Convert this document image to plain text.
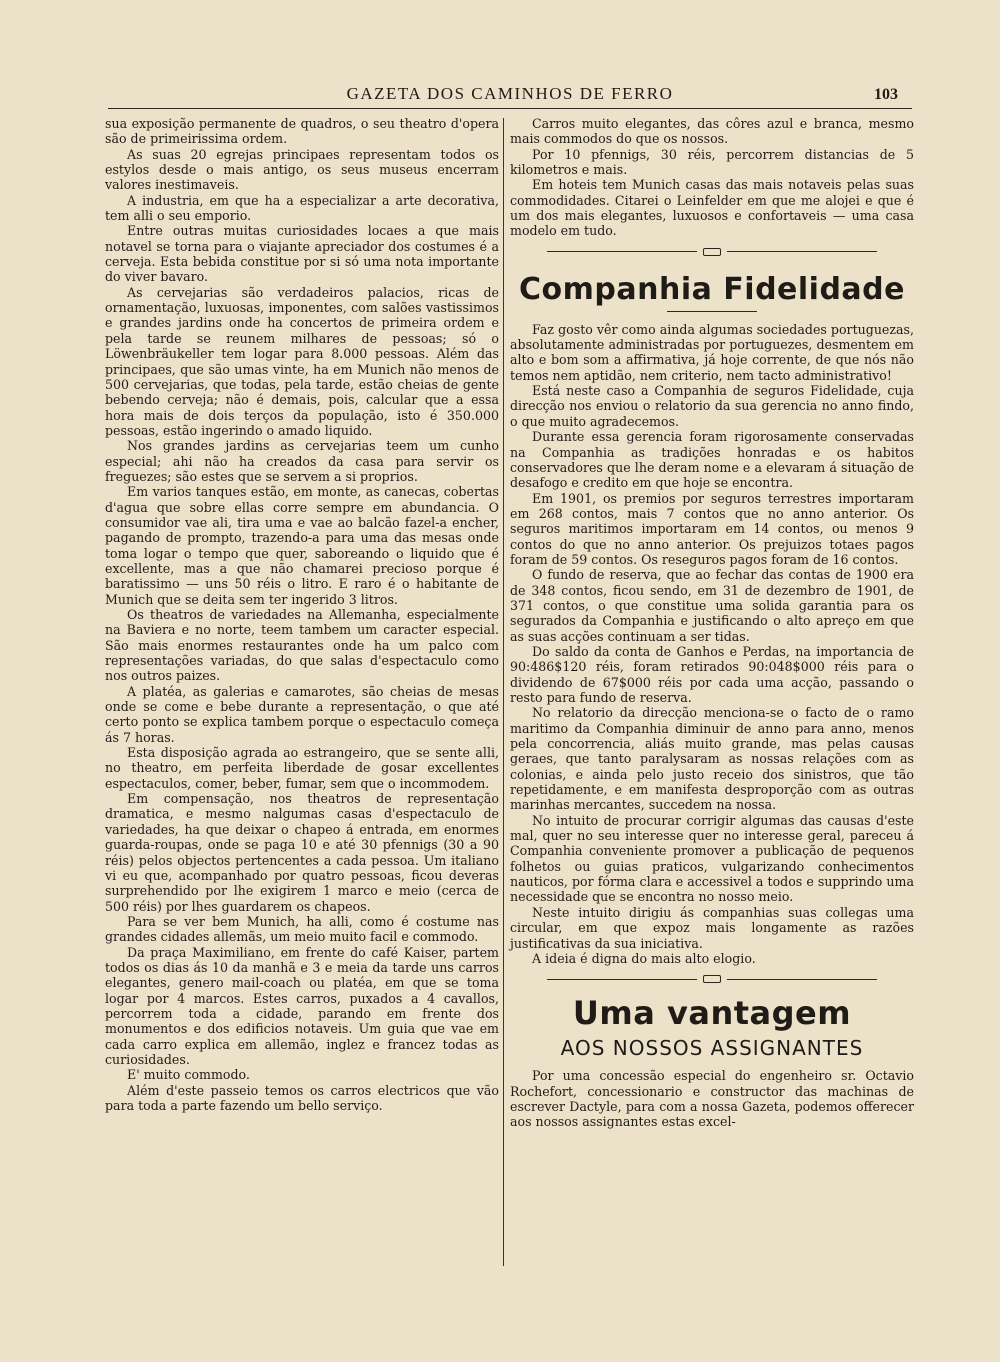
GAZETA DOS CAMINHOS DE FERRO	103

sua exposição permanente de quadros, o seu theatro d'opera são de primeirissima ordem.

As suas 20 egrejas principaes representam todos os estylos desde o mais antigo, os seus museus encerram valores inestimaveis.

A industria, em que ha a especializar a arte decorativa, tem alli o seu emporio.

Entre outras muitas curiosidades locaes a que mais notavel se torna para o viajante apreciador dos costumes é a cerveja. Esta bebida constitue por si só uma nota importante do viver bavaro.

As cervejarias são verdadeiros palacios, ricas de ornamentação, luxuosas, imponentes, com salões vastissimos e grandes jardins onde ha concertos de primeira ordem e pela tarde se reunem milhares de pessoas; só o Löwenbräukeller tem logar para 8.000 pessoas. Além das principaes, que são umas vinte, ha em Munich não menos de 500 cervejarias, que todas, pela tarde, estão cheias de gente bebendo cerveja; não é demais, pois, calcular que a essa hora mais de dois terços da população, isto é 350.000 pessoas, estão ingerindo o amado liquido.

Nos grandes jardins as cervejarias teem um cunho especial; ahi não ha creados da casa para servir os freguezes; são estes que se servem a si proprios.

Em varios tanques estão, em monte, as canecas, cobertas d'agua que sobre ellas corre sempre em abundancia. O consumidor vae ali, tira uma e vae ao balcão fazel-a encher, pagando de prompto, trazendo-a para uma das mesas onde toma logar o tempo que quer, saboreando o liquido que é excellente, mas a que não chamarei precioso porque é baratissimo — uns 50 réis o litro. E raro é o habitante de Munich que se deita sem ter ingerido 3 litros.

Os theatros de variedades na Allemanha, especialmente na Baviera e no norte, teem tambem um caracter especial. São mais enormes restaurantes onde ha um palco com representações variadas, do que salas d'espectaculo como nos outros paizes.

A platéa, as galerias e camarotes, são cheias de mesas onde se come e bebe durante a representação, o que até certo ponto se explica tambem porque o espectaculo começa ás 7 horas.

Esta disposição agrada ao estrangeiro, que se sente alli, no theatro, em perfeita liberdade de gosar excellentes espectaculos, comer, beber, fumar, sem que o incommodem.

Em compensação, nos theatros de representação dramatica, e mesmo nalgumas casas d'espectaculo de variedades, ha que deixar o chapeo á entrada, em enormes guarda-roupas, onde se paga 10 e até 30 pfennigs (30 a 90 réis) pelos objectos pertencentes a cada pessoa. Um italiano vi eu que, acompanhado por quatro pessoas, ficou deveras surprehendido por lhe exigirem 1 marco e meio (cerca de 500 réis) por lhes guardarem os chapeos.

Para se ver bem Munich, ha alli, como é costume nas grandes cidades allemãs, um meio muito facil e commodo.

Da praça Maximiliano, em frente do café Kaiser, partem todos os dias ás 10 da manhã e 3 e meia da tarde uns carros elegantes, genero mail-coach ou platéa, em que se toma logar por 4 marcos. Estes carros, puxados a 4 cavallos, percorrem toda a cidade, parando em frente dos monumentos e dos edificios notaveis. Um guia que vae em cada carro explica em allemão, inglez e francez todas as curiosidades.

E' muito commodo.

Além d'este passeio temos os carros electricos que vão para toda a parte fazendo um bello serviço.

Carros muito elegantes, das côres azul e branca, mesmo mais commodos do que os nossos.

Por 10 pfennigs, 30 réis, percorrem distancias de 5 kilometros e mais.

Em hoteis tem Munich casas das mais notaveis pelas suas commodidades. Citarei o Leinfelder em que me alojei e que é um dos mais elegantes, luxuosos e confortaveis — uma casa modelo em tudo.

Companhia Fidelidade

Faz gosto vêr como ainda algumas sociedades portuguezas, absolutamente administradas por portuguezes, desmentem em alto e bom som a affirmativa, já hoje corrente, de que nós não temos nem aptidão, nem criterio, nem tacto administrativo!

Está neste caso a Companhia de seguros Fidelidade, cuja direcção nos enviou o relatorio da sua gerencia no anno findo, o que muito agradecemos.

Durante essa gerencia foram rigorosamente conservadas na Companhia as tradições honradas e os habitos conservadores que lhe deram nome e a elevaram á situação de desafogo e credito em que hoje se encontra.

Em 1901, os premios por seguros terrestres importaram em 268 contos, mais 7 contos que no anno anterior. Os seguros maritimos importaram em 14 contos, ou menos 9 contos do que no anno anterior. Os prejuizos totaes pagos foram de 59 contos. Os reseguros pagos foram de 16 contos.

O fundo de reserva, que ao fechar das contas de 1900 era de 348 contos, ficou sendo, em 31 de dezembro de 1901, de 371 contos, o que constitue uma solida garantia para os segurados da Companhia e justificando o alto apreço em que as suas acções continuam a ser tidas.

Do saldo da conta de Ganhos e Perdas, na importancia de 90:486$120 réis, foram retirados 90:048$000 réis para o dividendo de 67$000 réis por cada uma acção, passando o resto para fundo de reserva.

No relatorio da direcção menciona-se o facto de o ramo maritimo da Companhia diminuir de anno para anno, menos pela concorrencia, aliás muito grande, mas pelas causas geraes, que tanto paralysaram as nossas relações com as colonias, e ainda pelo justo receio dos sinistros, que tão repetidamente, e em manifesta desproporção com as outras marinhas mercantes, succedem na nossa.

No intuito de procurar corrigir algumas das causas d'este mal, quer no seu interesse quer no interesse geral, pareceu á Companhia conveniente promover a publicação de pequenos folhetos ou guias praticos, vulgarizando conhecimentos nauticos, por fórma clara e accessivel a todos e supprindo uma necessidade que se encontra no nosso meio.

Neste intuito dirigiu ás companhias suas collegas uma circular, em que expoz mais longamente as razões justificativas da sua iniciativa.

A ideia é digna do mais alto elogio.

Uma vantagem
AOS NOSSOS ASSIGNANTES

Por uma concessão especial do engenheiro sr. Octavio Rochefort, concessionario e constructor das machinas de escrever Dactyle, para com a nossa Gazeta, podemos offerecer aos nossos assignantes estas excel-
